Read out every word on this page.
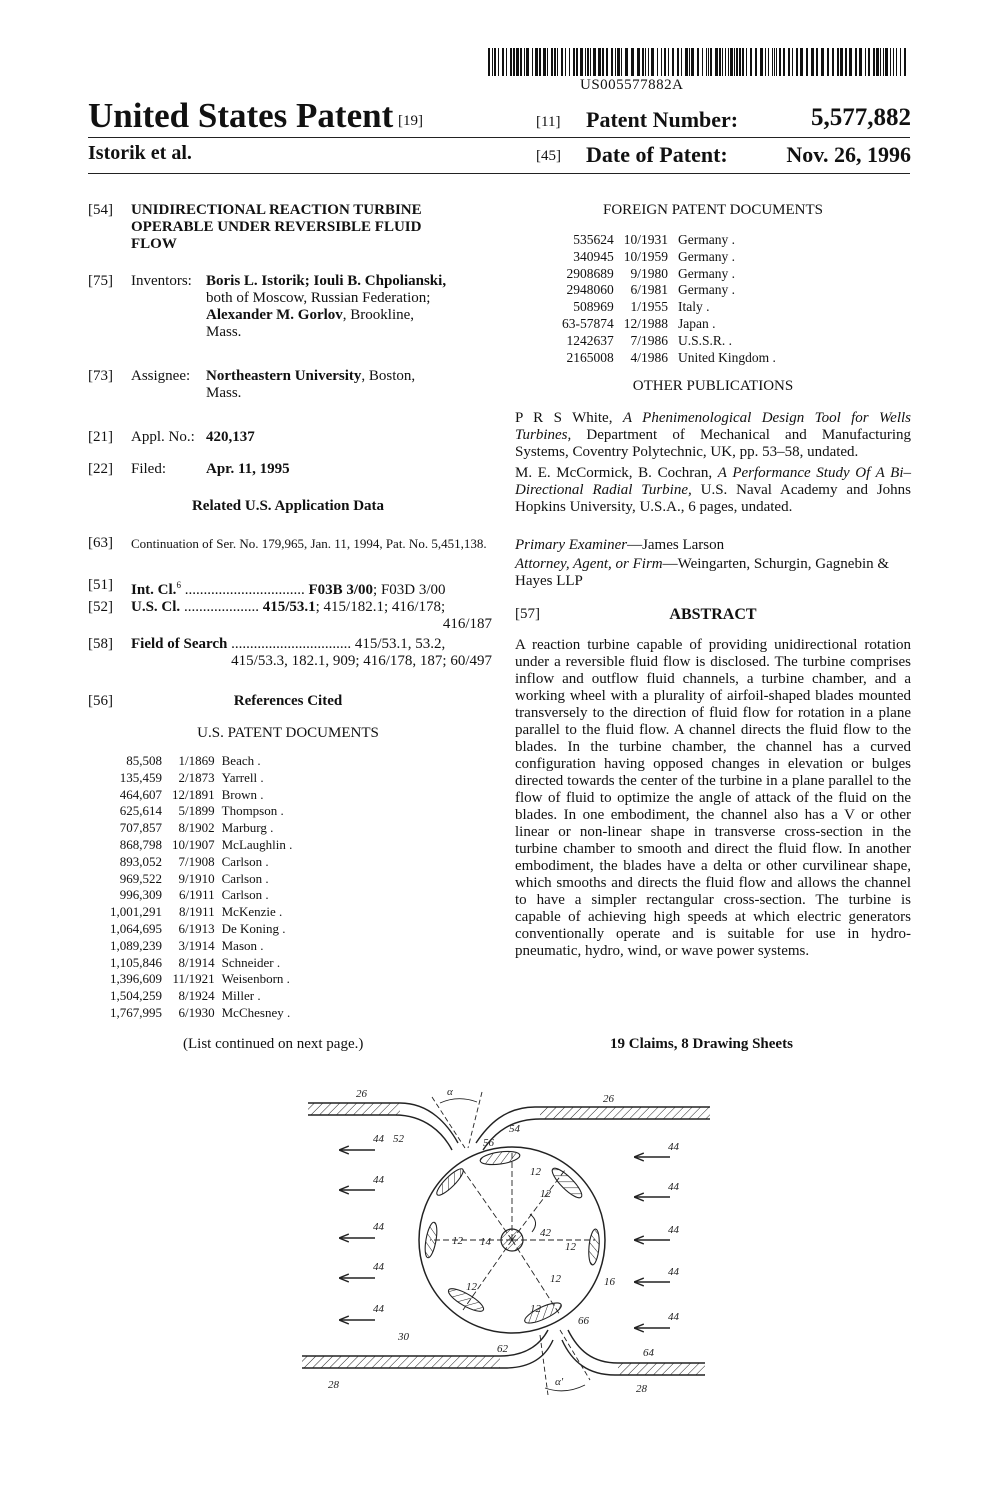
US005577882A
United States Patent [19]
Istorik et al.
[11] Patent Number:	5,577,882
[45] Date of Patent:	Nov. 26, 1996
[54]	UNIDIRECTIONAL REACTION TURBINE OPERABLE UNDER REVERSIBLE FLUID FLOW
[75]	Inventors: Boris L. Istorik; Iouli B. Chpolianski,
both of Moscow, Russian Federation;
Alexander M. Gorlov, Brookline,
Mass.
[73]	Assignee: Northeastern University, Boston,
Mass.
[21]	Appl. No.: 420,137
[22]	Filed:	Apr. 11, 1995
Related U.S. Application Data
[63]	Continuation of Ser. No. 179,965, Jan. 11, 1994, Pat. No. 5,451,138.
[51]	Int. Cl.$^6$ ................................ F03B 3/00; F03D 3/00
[52]	U.S. Cl. .................... 415/53.1; 415/182.1; 416/178;
416/187
[58]	Field of Search ................................ 415/53.1, 53.2,
415/53.3, 182.1, 909; 416/178, 187; 60/497
[56]	References Cited
U.S. PATENT DOCUMENTS
85,508	1/1869	Beach .
135,459	2/1873	Yarrell .
464,607	12/1891	Brown .
625,614	5/1899	Thompson .
707,857	8/1902	Marburg .
868,798	10/1907	McLaughlin .
893,052	7/1908	Carlson .
969,522	9/1910	Carlson .
996,309	6/1911	Carlson .
1,001,291	8/1911	McKenzie .
1,064,695	6/1913	De Koning .
1,089,239	3/1914	Mason .
1,105,846	8/1914	Schneider .
1,396,609	11/1921	Weisenborn .
1,504,259	8/1924	Miller .
1,767,995	6/1930	McChesney .
(List continued on next page.)
FOREIGN PATENT DOCUMENTS
535624	10/1931	Germany .
340945	10/1959	Germany .
2908689	9/1980	Germany .
2948060	6/1981	Germany .
508969	1/1955	Italy .
63-57874	12/1988	Japan .
1242637	7/1986	U.S.S.R. .
2165008	4/1986	United Kingdom .
OTHER PUBLICATIONS
P R S White, A Phenimenological Design Tool for Wells Turbines, Department of Mechanical and Manufacturing Systems, Coventry Polytechnic, UK, pp. 53–58, undated.
M. E. McCormick, B. Cochran, A Performance Study Of A Bi–Directional Radial Turbine, U.S. Naval Academy and Johns Hopkins University, U.S.A., 6 pages, undated.
Primary Examiner—James Larson
Attorney, Agent, or Firm—Weingarten, Schurgin, Gagnebin & Hayes LLP
[57]	ABSTRACT
A reaction turbine capable of providing unidirectional rotation under a reversible fluid flow is disclosed. The turbine comprises inflow and outflow fluid channels, a turbine chamber, and a working wheel with a plurality of airfoil-shaped blades mounted transversely to the direction of fluid flow for rotation in a plane parallel to the fluid flow. A channel directs the fluid flow to the blades. In the turbine chamber, the channel has a curved configuration having opposed changes in elevation or bulges directed towards the center of the turbine in a plane parallel to the flow of fluid to optimize the angle of attack of the fluid on the blades. In one embodiment, the channel also has a V or other linear or non-linear shape in transverse cross-section in the turbine chamber to smooth and direct the fluid flow. In another embodiment, the blades have a delta or other curvilinear shape, which smooths and directs the fluid flow and allows the channel to have a simpler rectangular cross-section. The turbine is capable of achieving high speeds at which electric generators conventionally operate and is suitable for use in hydro-pneumatic, hydro, wind, or wave power systems.
19 Claims, 8 Drawing Sheets
26	26
α
52
54
56
44
44
44
44
44
44
44
44
44
44
12
12
12	12
12
12
12
14
42
16
30
62	64
66
28	28
α'
